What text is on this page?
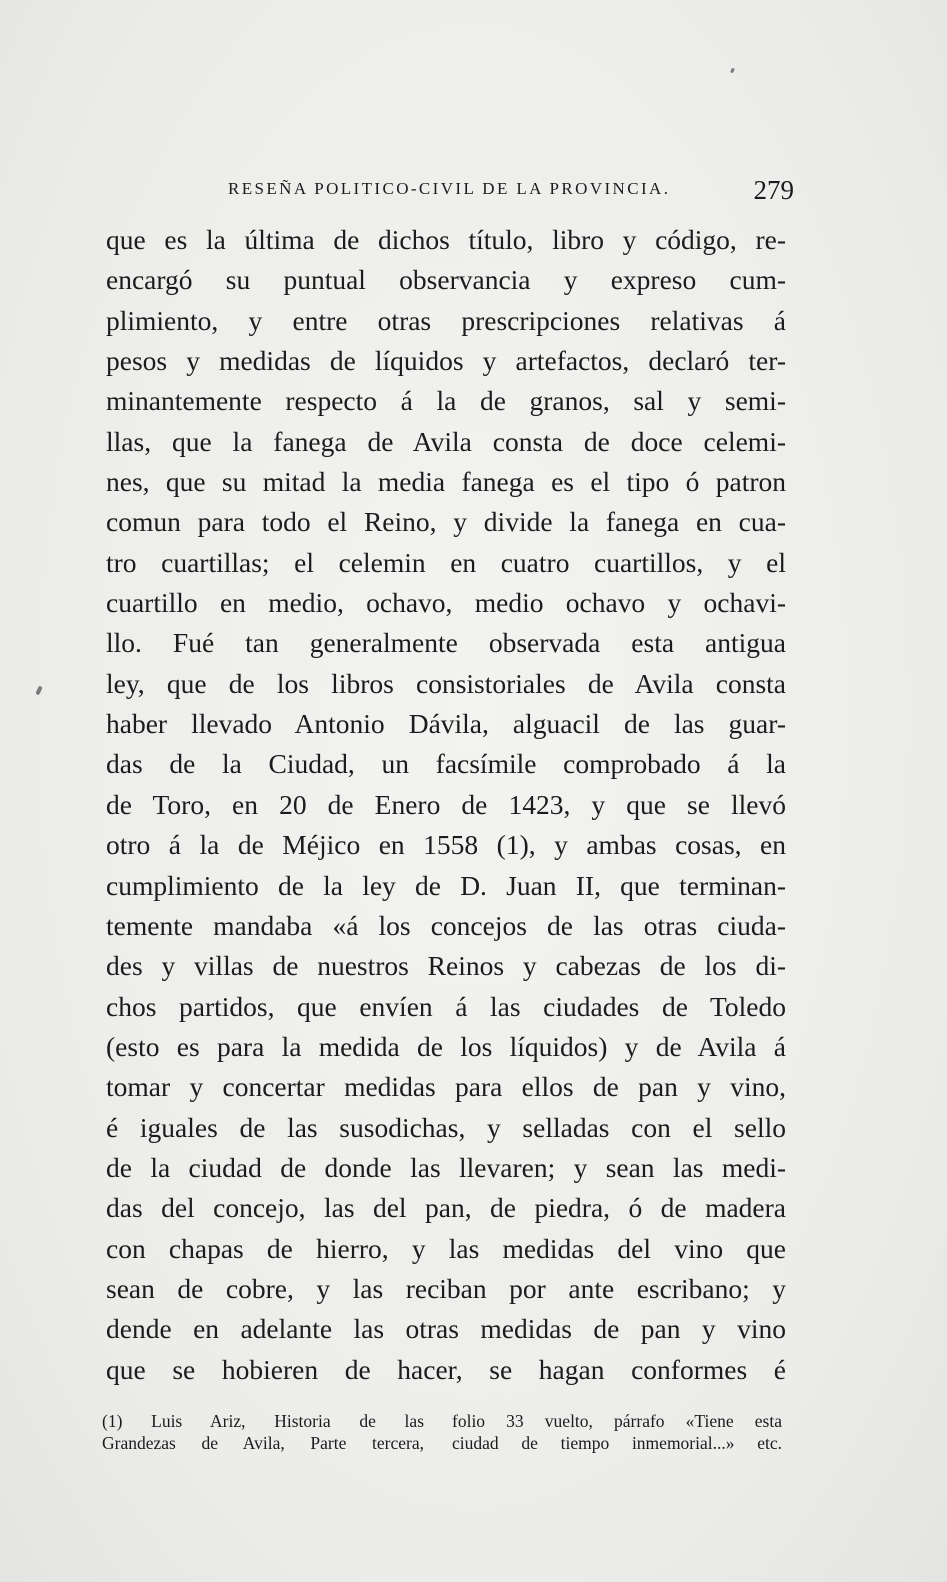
RESEÑA POLITICO-CIVIL DE LA PROVINCIA.	279
que es la última de dichos título, libro y código, re-
encargó su puntual observancia y expreso cum-
plimiento, y entre otras prescripciones relativas á
pesos y medidas de líquidos y artefactos, declaró ter-
minantemente respecto á la de granos, sal y semi-
llas, que la fanega de Avila consta de doce celemi-
nes, que su mitad la media fanega es el tipo ó patron
comun para todo el Reino, y divide la fanega en cua-
tro cuartillas; el celemin en cuatro cuartillos, y el
cuartillo en medio, ochavo, medio ochavo y ochavi-
llo. Fué tan generalmente observada esta antigua
ley, que de los libros consistoriales de Avila consta
haber llevado Antonio Dávila, alguacil de las guar-
das de la Ciudad, un facsímile comprobado á la
de Toro, en 20 de Enero de 1423, y que se llevó
otro á la de Méjico en 1558 (1), y ambas cosas, en
cumplimiento de la ley de D. Juan II, que terminan-
temente mandaba «á los concejos de las otras ciuda-
des y villas de nuestros Reinos y cabezas de los di-
chos partidos, que envíen á las ciudades de Toledo
(esto es para la medida de los líquidos) y de Avila á
tomar y concertar medidas para ellos de pan y vino,
é iguales de las susodichas, y selladas con el sello
de la ciudad de donde las llevaren; y sean las medi-
das del concejo, las del pan, de piedra, ó de madera
con chapas de hierro, y las medidas del vino que
sean de cobre, y las reciban por ante escribano; y
dende en adelante las otras medidas de pan y vino
que se hobieren de hacer, se hagan conformes é
(1) Luis Ariz, Historia de las
Grandezas de Avila, Parte tercera,
folio 33 vuelto, párrafo «Tiene esta
ciudad de tiempo inmemorial...» etc.
